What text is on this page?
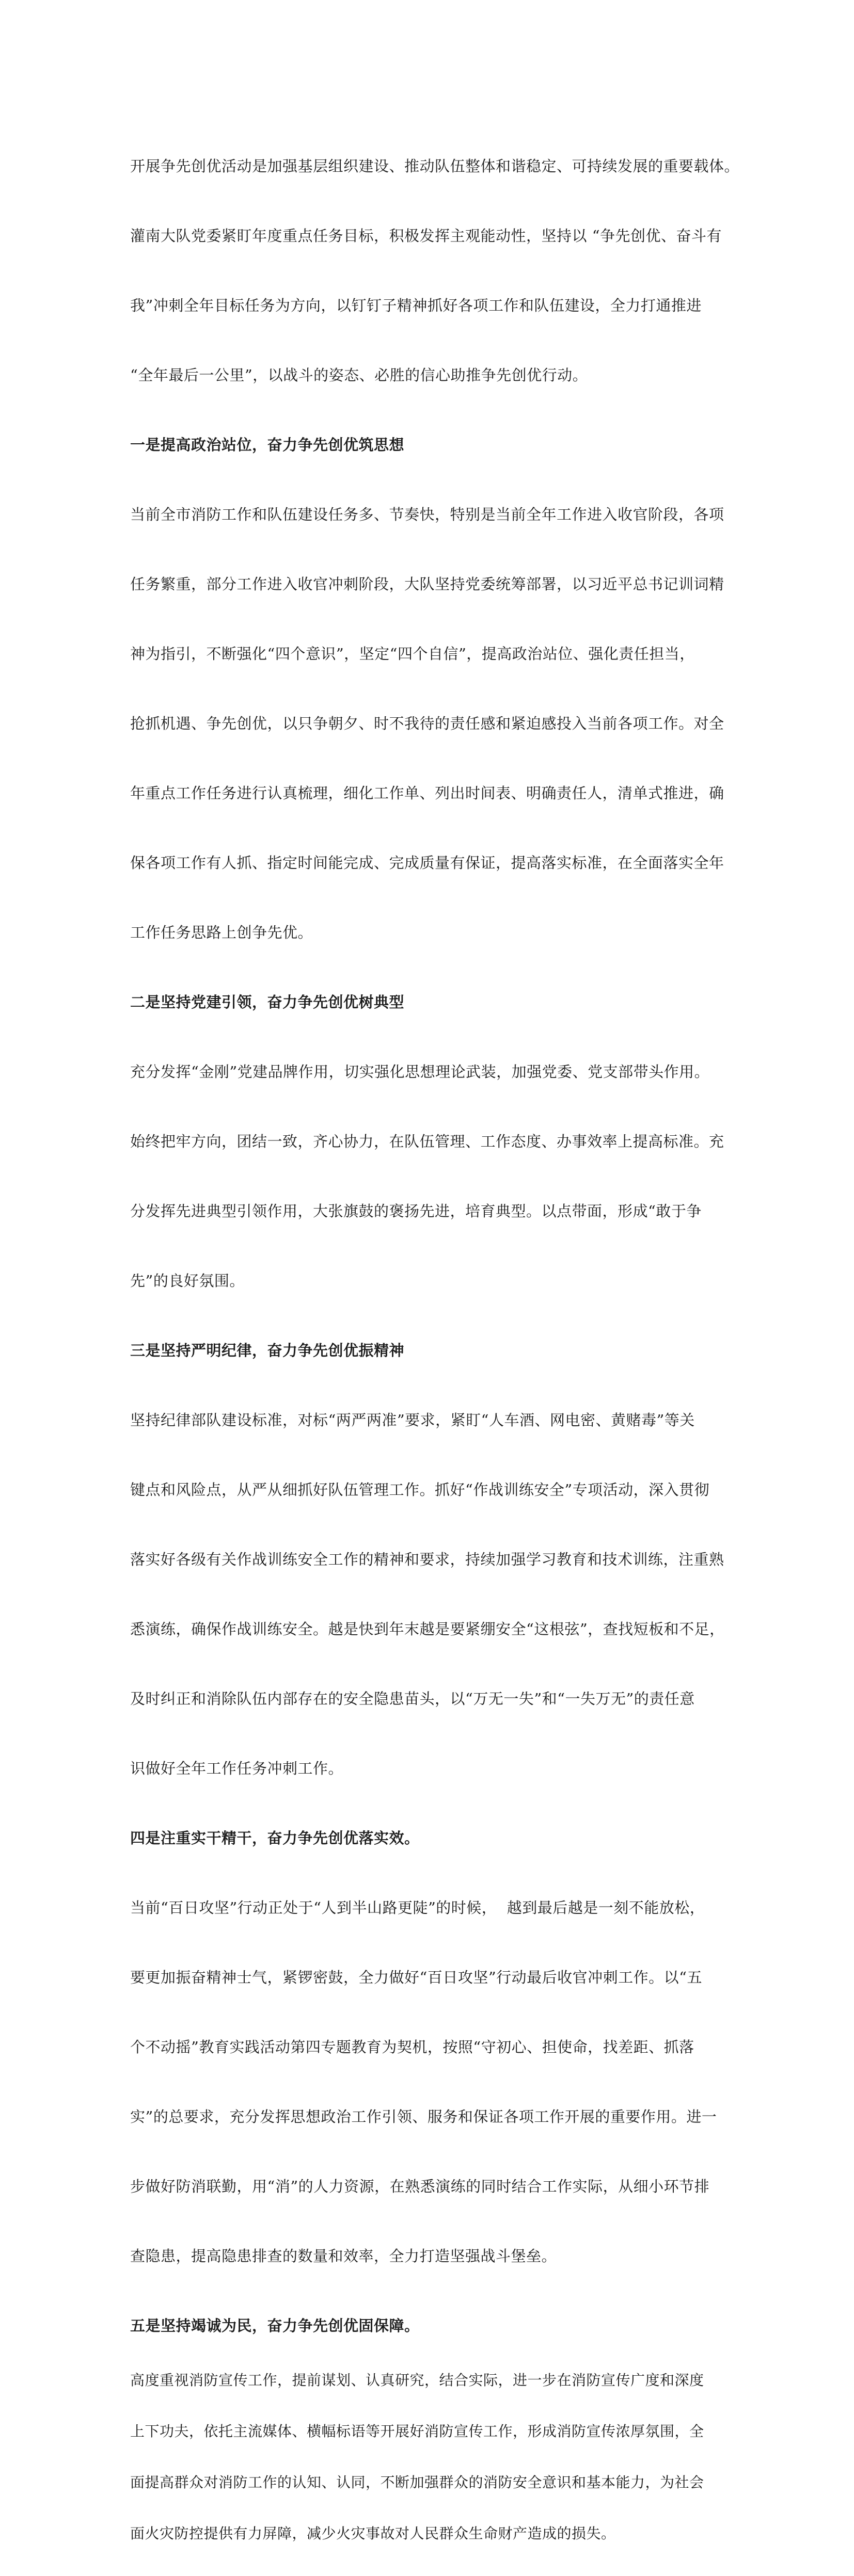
开展争先创优活动是加强基层组织建设、推动队伍整体和谐稳定、可持续发展的重要载体。

灌南大队党委紧盯年度重点任务目标，积极发挥主观能动性，坚持以 “争先创优、奋斗有

我”冲刺全年目标任务为方向，以钉钉子精神抓好各项工作和队伍建设，全力打通推进

“全年最后一公里”，以战斗的姿态、必胜的信心助推争先创优行动。

一是提高政治站位，奋力争先创优筑思想

当前全市消防工作和队伍建设任务多、节奏快，特别是当前全年工作进入收官阶段，各项

任务繁重，部分工作进入收官冲刺阶段，大队坚持党委统筹部署，以习近平总书记训词精

神为指引，不断强化“四个意识”，坚定“四个自信”，提高政治站位、强化责任担当，

抢抓机遇、争先创优，以只争朝夕、时不我待的责任感和紧迫感投入当前各项工作。对全

年重点工作任务进行认真梳理，细化工作单、列出时间表、明确责任人，清单式推进，确

保各项工作有人抓、指定时间能完成、完成质量有保证，提高落实标准，在全面落实全年

工作任务思路上创争先优。

二是坚持党建引领，奋力争先创优树典型

充分发挥“金刚”党建品牌作用，切实强化思想理论武装，加强党委、党支部带头作用。

始终把牢方向，团结一致，齐心协力，在队伍管理、工作态度、办事效率上提高标准。充

分发挥先进典型引领作用，大张旗鼓的褒扬先进，培育典型。以点带面，形成“敢于争

先”的良好氛围。

三是坚持严明纪律，奋力争先创优振精神

坚持纪律部队建设标准，对标“两严两准”要求，紧盯“人车酒、网电密、黄赌毒”等关

键点和风险点，从严从细抓好队伍管理工作。抓好“作战训练安全”专项活动，深入贯彻

落实好各级有关作战训练安全工作的精神和要求，持续加强学习教育和技术训练，注重熟

悉演练，确保作战训练安全。越是快到年末越是要紧绷安全“这根弦”，查找短板和不足，

及时纠正和消除队伍内部存在的安全隐患苗头，以“万无一失”和“一失万无”的责任意

识做好全年工作任务冲刺工作。

四是注重实干精干，奋力争先创优落实效。

当前“百日攻坚”行动正处于“人到半山路更陡”的时候，  越到最后越是一刻不能放松，

要更加振奋精神士气，紧锣密鼓，全力做好“百日攻坚”行动最后收官冲刺工作。以“五

个不动摇”教育实践活动第四专题教育为契机，按照“守初心、担使命，找差距、抓落

实”的总要求，充分发挥思想政治工作引领、服务和保证各项工作开展的重要作用。进一

步做好防消联勤，用“消”的人力资源，在熟悉演练的同时结合工作实际，从细小环节排

查隐患，提高隐患排查的数量和效率，全力打造坚强战斗堡垒。

五是坚持竭诚为民，奋力争先创优固保障。

高度重视消防宣传工作，提前谋划、认真研究，结合实际，进一步在消防宣传广度和深度

上下功夫，依托主流媒体、横幅标语等开展好消防宣传工作，形成消防宣传浓厚氛围，全

面提高群众对消防工作的认知、认同，不断加强群众的消防安全意识和基本能力，为社会

面火灾防控提供有力屏障，减少火灾事故对人民群众生命财产造成的损失。
